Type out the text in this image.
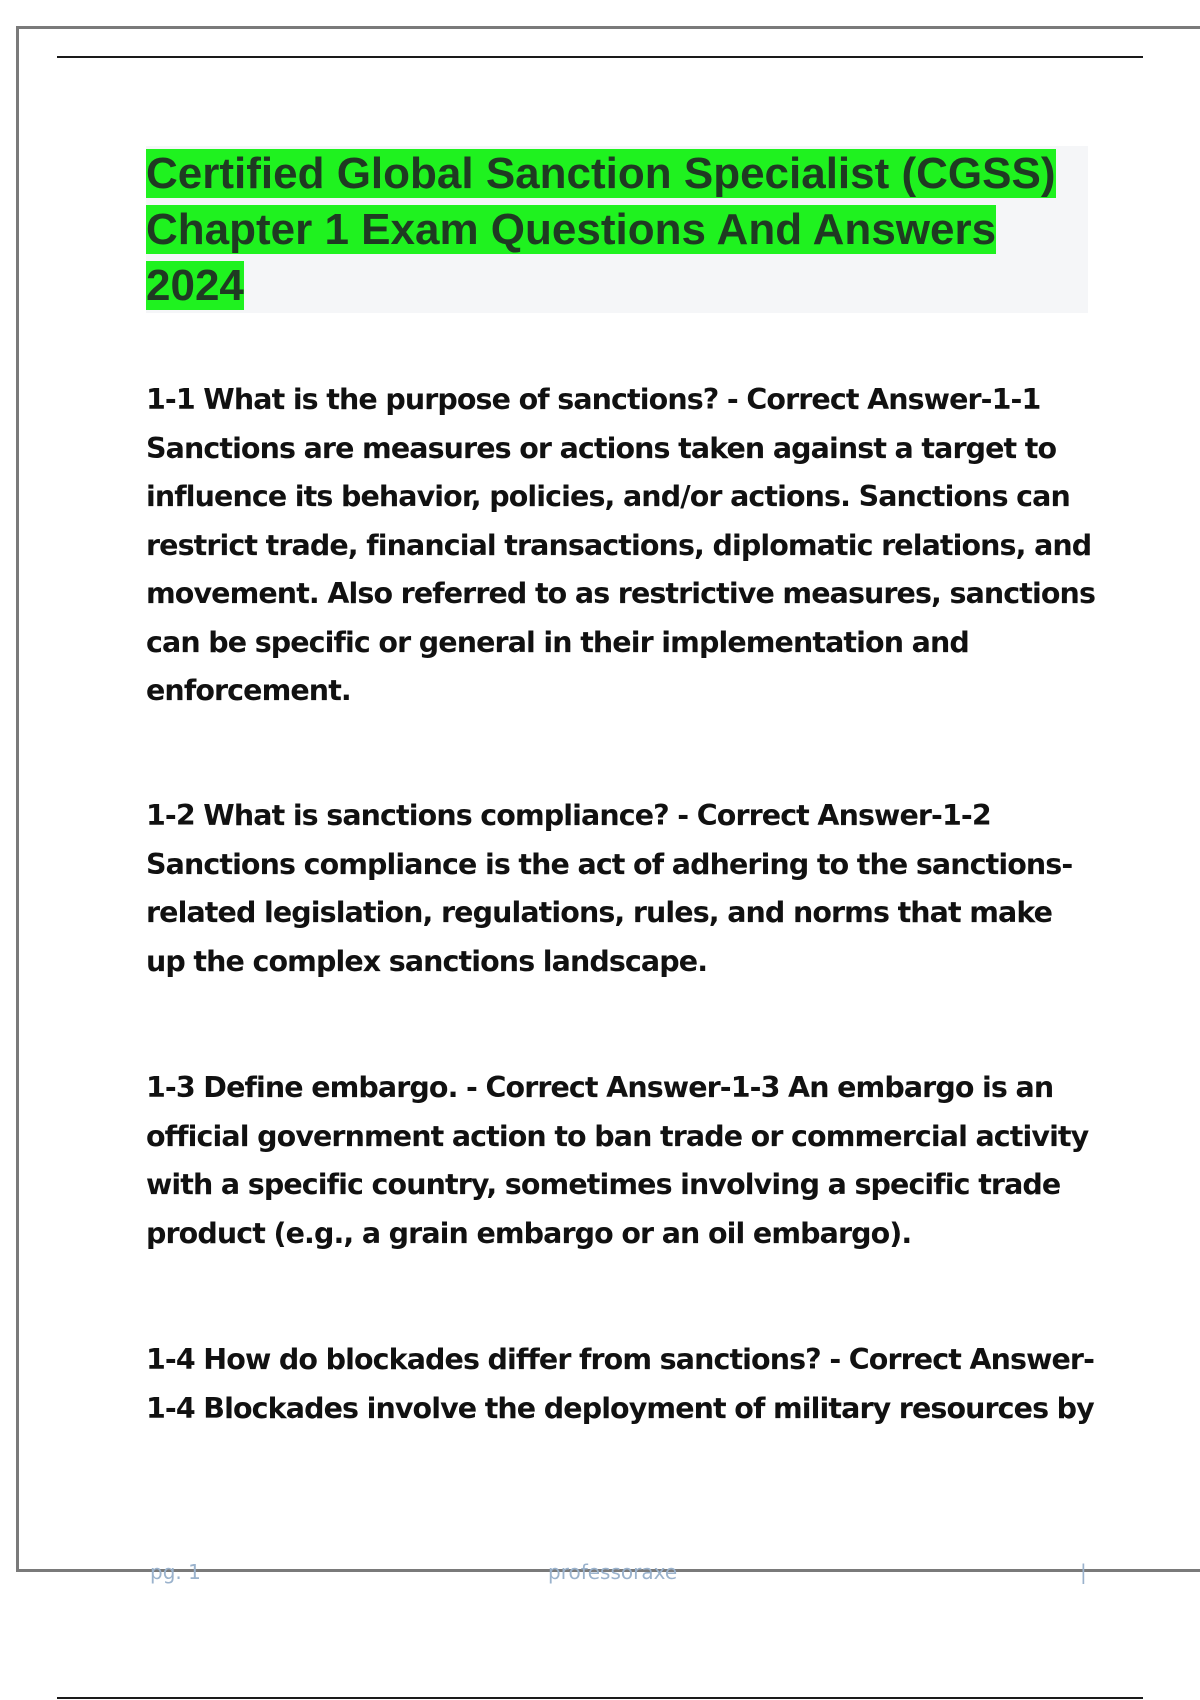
Certified Global Sanction Specialist (CGSS) Chapter 1 Exam Questions And Answers 2024

1-1 What is the purpose of sanctions? - Correct Answer-1-1 Sanctions are measures or actions taken against a target to influence its behavior, policies, and/or actions. Sanctions can restrict trade, financial transactions, diplomatic relations, and movement. Also referred to as restrictive measures, sanctions can be specific or general in their implementation and enforcement.

1-2 What is sanctions compliance? - Correct Answer-1-2 Sanctions compliance is the act of adhering to the sanctions-related legislation, regulations, rules, and norms that make up the complex sanctions landscape.

1-3 Define embargo. - Correct Answer-1-3 An embargo is an official government action to ban trade or commercial activity with a specific country, sometimes involving a specific trade product (e.g., a grain embargo or an oil embargo).

1-4 How do blockades differ from sanctions? - Correct Answer-1-4 Blockades involve the deployment of military resources by

pg. 1	professoraxe	|
